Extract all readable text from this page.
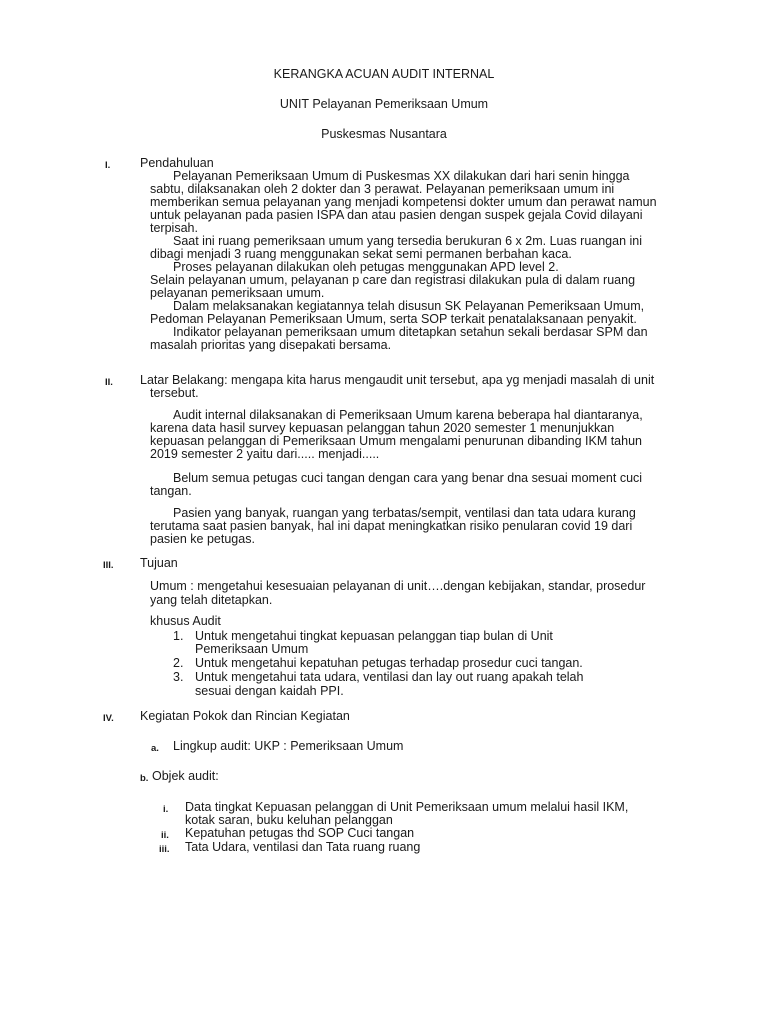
KERANGKA ACUAN AUDIT INTERNAL
UNIT Pelayanan Pemeriksaan Umum
Puskesmas Nusantara
I. Pendahuluan
Pelayanan Pemeriksaan Umum di Puskesmas XX dilakukan dari hari senin hingga
sabtu, dilaksanakan oleh 2 dokter dan 3 perawat. Pelayanan pemeriksaan umum ini
memberikan semua pelayanan yang menjadi kompetensi dokter umum dan perawat namun
untuk pelayanan pada pasien ISPA dan atau pasien dengan suspek gejala Covid dilayani
terpisah.
Saat ini ruang pemeriksaan umum yang tersedia berukuran 6 x 2m. Luas ruangan ini
dibagi menjadi 3 ruang menggunakan sekat semi permanen berbahan kaca.
Proses pelayanan dilakukan oleh petugas menggunakan APD level 2.
Selain pelayanan umum, pelayanan p care dan registrasi dilakukan pula di dalam ruang
pelayanan pemeriksaan umum.
Dalam melaksanakan kegiatannya telah disusun SK Pelayanan Pemeriksaan Umum,
Pedoman Pelayanan Pemeriksaan Umum, serta SOP terkait penatalaksanaan penyakit.
Indikator pelayanan pemeriksaan umum ditetapkan setahun sekali berdasar SPM dan
masalah prioritas yang disepakati bersama.
II. Latar Belakang: mengapa kita harus mengaudit unit tersebut, apa yg menjadi masalah di unit
tersebut.
Audit internal dilaksanakan di Pemeriksaan Umum karena beberapa hal diantaranya,
karena data hasil survey kepuasan pelanggan tahun 2020 semester 1 menunjukkan
kepuasan pelanggan di Pemeriksaan Umum mengalami penurunan dibanding IKM tahun
2019 semester 2 yaitu dari..... menjadi.....
Belum semua petugas cuci tangan dengan cara yang benar dna sesuai moment cuci
tangan.
Pasien yang banyak, ruangan yang terbatas/sempit, ventilasi dan tata udara kurang
terutama saat pasien banyak, hal ini dapat meningkatkan risiko penularan covid 19 dari
pasien ke petugas.
III. Tujuan
Umum : mengetahui kesesuaian pelayanan di unit….dengan kebijakan, standar, prosedur
yang telah ditetapkan.
khusus Audit
1. Untuk mengetahui tingkat kepuasan pelanggan tiap bulan di Unit
Pemeriksaan Umum
2. Untuk mengetahui kepatuhan petugas terhadap prosedur cuci tangan.
3. Untuk mengetahui tata udara, ventilasi dan lay out ruang apakah telah
sesuai dengan kaidah PPI.
IV. Kegiatan Pokok dan Rincian Kegiatan
a. Lingkup audit: UKP : Pemeriksaan Umum
b. Objek audit:
i. Data tingkat Kepuasan pelanggan di Unit Pemeriksaan umum melalui hasil IKM,
kotak saran, buku keluhan pelanggan
ii. Kepatuhan petugas thd SOP Cuci tangan
iii. Tata Udara, ventilasi dan Tata ruang ruang
